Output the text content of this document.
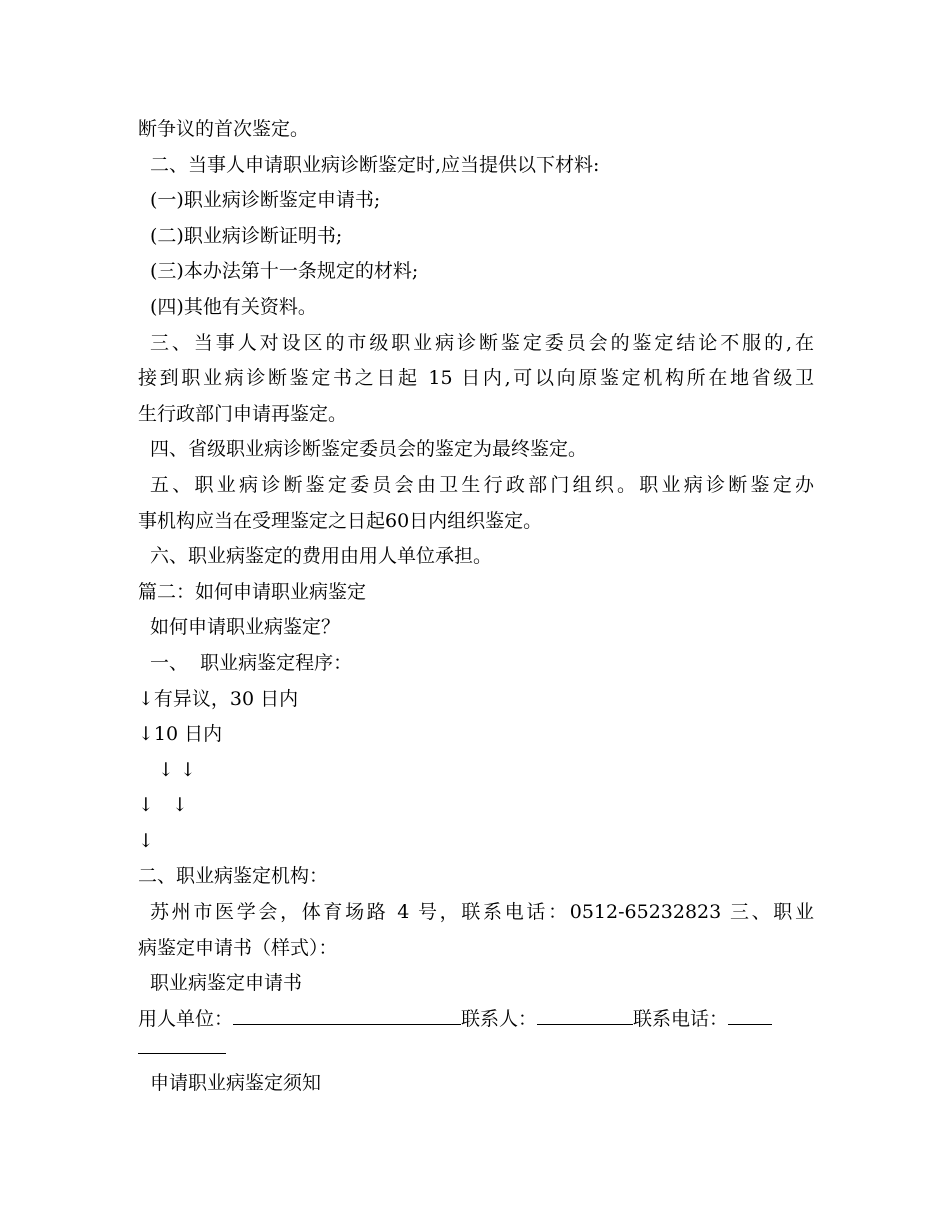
断争议的首次鉴定。
二、当事人申请职业病诊断鉴定时,应当提供以下材料:
(一)职业病诊断鉴定申请书;
(二)职业病诊断证明书;
(三)本办法第十一条规定的材料;
(四)其他有关资料。
三、当事人对设区的市级职业病诊断鉴定委员会的鉴定结论不服的,在
接到职业病诊断鉴定书之日起 15 日内,可以向原鉴定机构所在地省级卫
生行政部门申请再鉴定。
四、省级职业病诊断鉴定委员会的鉴定为最终鉴定。
五、职业病诊断鉴定委员会由卫生行政部门组织。职业病诊断鉴定办
事机构应当在受理鉴定之日起60日内组织鉴定。
六、职业病鉴定的费用由用人单位承担。
篇二：如何申请职业病鉴定
如何申请职业病鉴定？
一、  职业病鉴定程序：
↓有异议，30 日内
↓10 日内
↓ ↓
↓   ↓
↓
二、职业病鉴定机构：
苏州市医学会，体育场路 4 号，联系电话：0512-65232823 三、职业
病鉴定申请书（样式）：
职业病鉴定申请书
用人单位：	联系人：	联系电话：
申请职业病鉴定须知
